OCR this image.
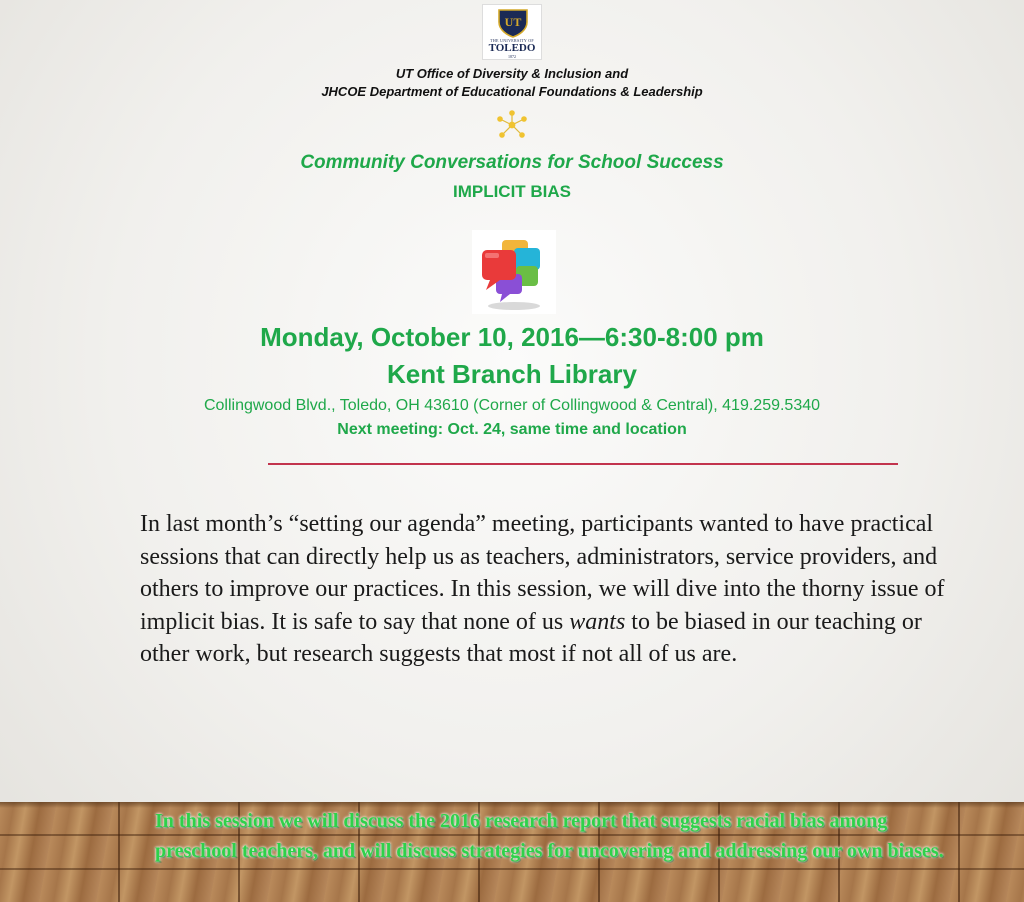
UT
THE UNIVERSITY OF
TOLEDO
1872
UT Office of Diversity & Inclusion and
JHCOE Department of Educational Foundations & Leadership
Community Conversations for School Success
IMPLICIT BIAS
Monday, October 10, 2016—6:30-8:00 pm
Kent Branch Library
Collingwood Blvd., Toledo, OH 43610 (Corner of Collingwood & Central), 419.259.5340
Next meeting: Oct. 24, same time and location
In last month’s “setting our agenda” meeting, participants wanted to have practical sessions that can directly help us as teachers, administrators, service providers, and others to improve our practices. In this session, we will dive into the thorny issue of implicit bias. It is safe to say that none of us wants to be biased in our teaching or other work, but research suggests that most if not all of us are.
In this session we will discuss the 2016 research report that suggests racial bias among preschool teachers, and will discuss strategies for uncovering and addressing our own biases.
